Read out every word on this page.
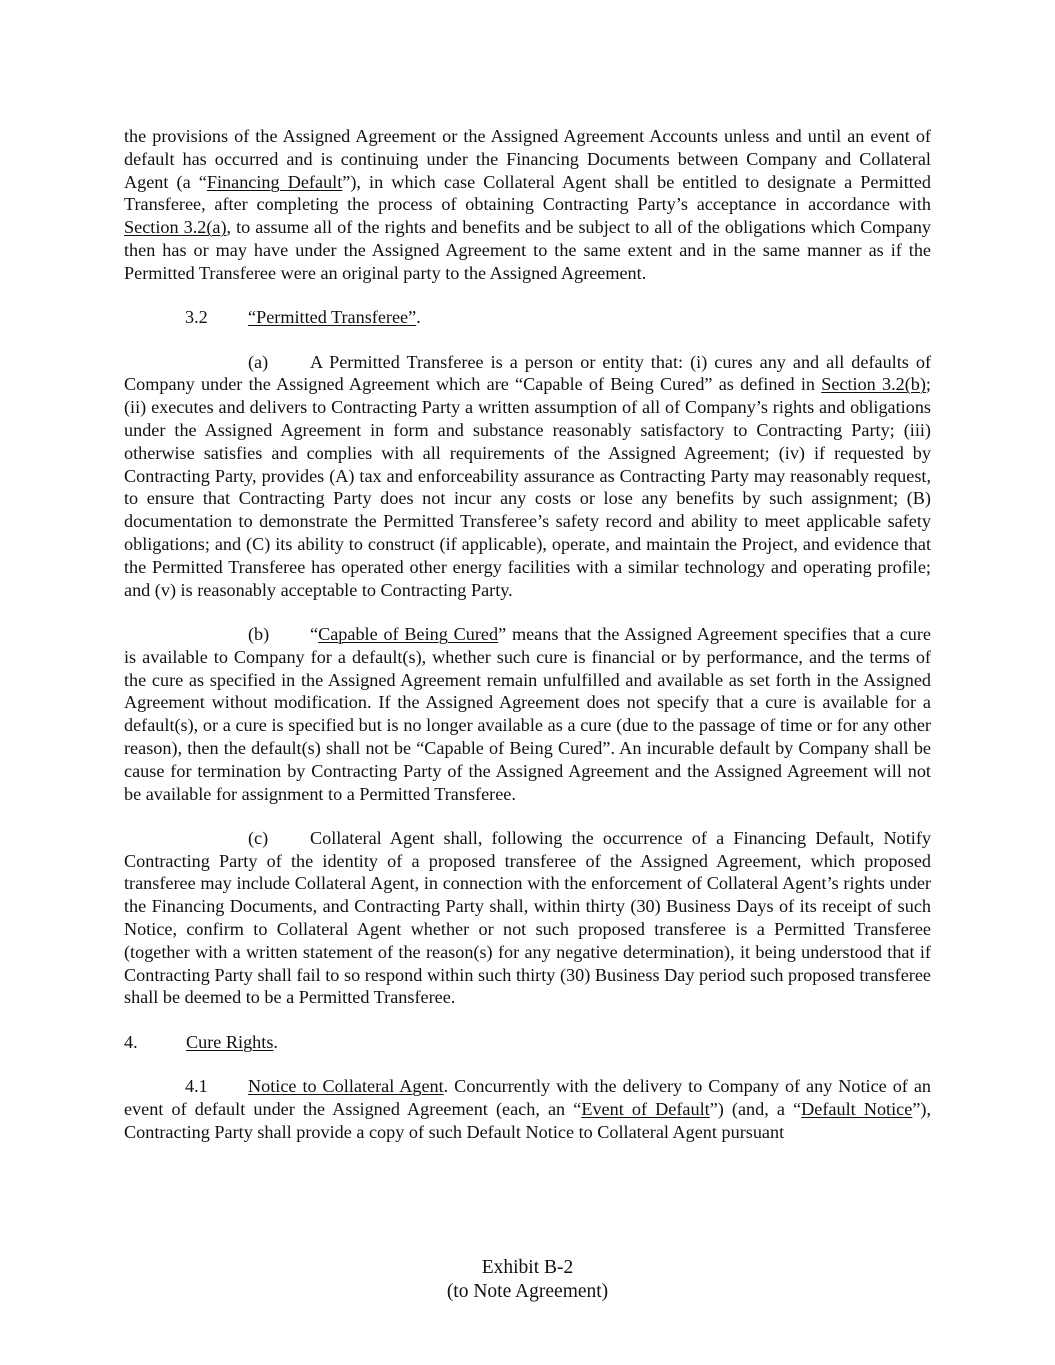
the provisions of the Assigned Agreement or the Assigned Agreement Accounts unless and until an event of default has occurred and is continuing under the Financing Documents between Company and Collateral Agent (a “Financing Default”), in which case Collateral Agent shall be entitled to designate a Permitted Transferee, after completing the process of obtaining Contracting Party’s acceptance in accordance with Section 3.2(a), to assume all of the rights and benefits and be subject to all of the obligations which Company then has or may have under the Assigned Agreement to the same extent and in the same manner as if the Permitted Transferee were an original party to the Assigned Agreement.

3.2 “Permitted Transferee”.

(a) A Permitted Transferee is a person or entity that: (i) cures any and all defaults of Company under the Assigned Agreement which are “Capable of Being Cured” as defined in Section 3.2(b); (ii) executes and delivers to Contracting Party a written assumption of all of Company’s rights and obligations under the Assigned Agreement in form and substance reasonably satisfactory to Contracting Party; (iii) otherwise satisfies and complies with all requirements of the Assigned Agreement; (iv) if requested by Contracting Party, provides (A) tax and enforceability assurance as Contracting Party may reasonably request, to ensure that Contracting Party does not incur any costs or lose any benefits by such assignment; (B) documentation to demonstrate the Permitted Transferee’s safety record and ability to meet applicable safety obligations; and (C) its ability to construct (if applicable), operate, and maintain the Project, and evidence that the Permitted Transferee has operated other energy facilities with a similar technology and operating profile; and (v) is reasonably acceptable to Contracting Party.

(b) “Capable of Being Cured” means that the Assigned Agreement specifies that a cure is available to Company for a default(s), whether such cure is financial or by performance, and the terms of the cure as specified in the Assigned Agreement remain unfulfilled and available as set forth in the Assigned Agreement without modification. If the Assigned Agreement does not specify that a cure is available for a default(s), or a cure is specified but is no longer available as a cure (due to the passage of time or for any other reason), then the default(s) shall not be “Capable of Being Cured”. An incurable default by Company shall be cause for termination by Contracting Party of the Assigned Agreement and the Assigned Agreement will not be available for assignment to a Permitted Transferee.

(c) Collateral Agent shall, following the occurrence of a Financing Default, Notify Contracting Party of the identity of a proposed transferee of the Assigned Agreement, which proposed transferee may include Collateral Agent, in connection with the enforcement of Collateral Agent’s rights under the Financing Documents, and Contracting Party shall, within thirty (30) Business Days of its receipt of such Notice, confirm to Collateral Agent whether or not such proposed transferee is a Permitted Transferee (together with a written statement of the reason(s) for any negative determination), it being understood that if Contracting Party shall fail to so respond within such thirty (30) Business Day period such proposed transferee shall be deemed to be a Permitted Transferee.

4.	Cure Rights.

4.1 Notice to Collateral Agent. Concurrently with the delivery to Company of any Notice of an event of default under the Assigned Agreement (each, an “Event of Default”) (and, a “Default Notice”), Contracting Party shall provide a copy of such Default Notice to Collateral Agent pursuant

Exhibit B-2
(to Note Agreement)
